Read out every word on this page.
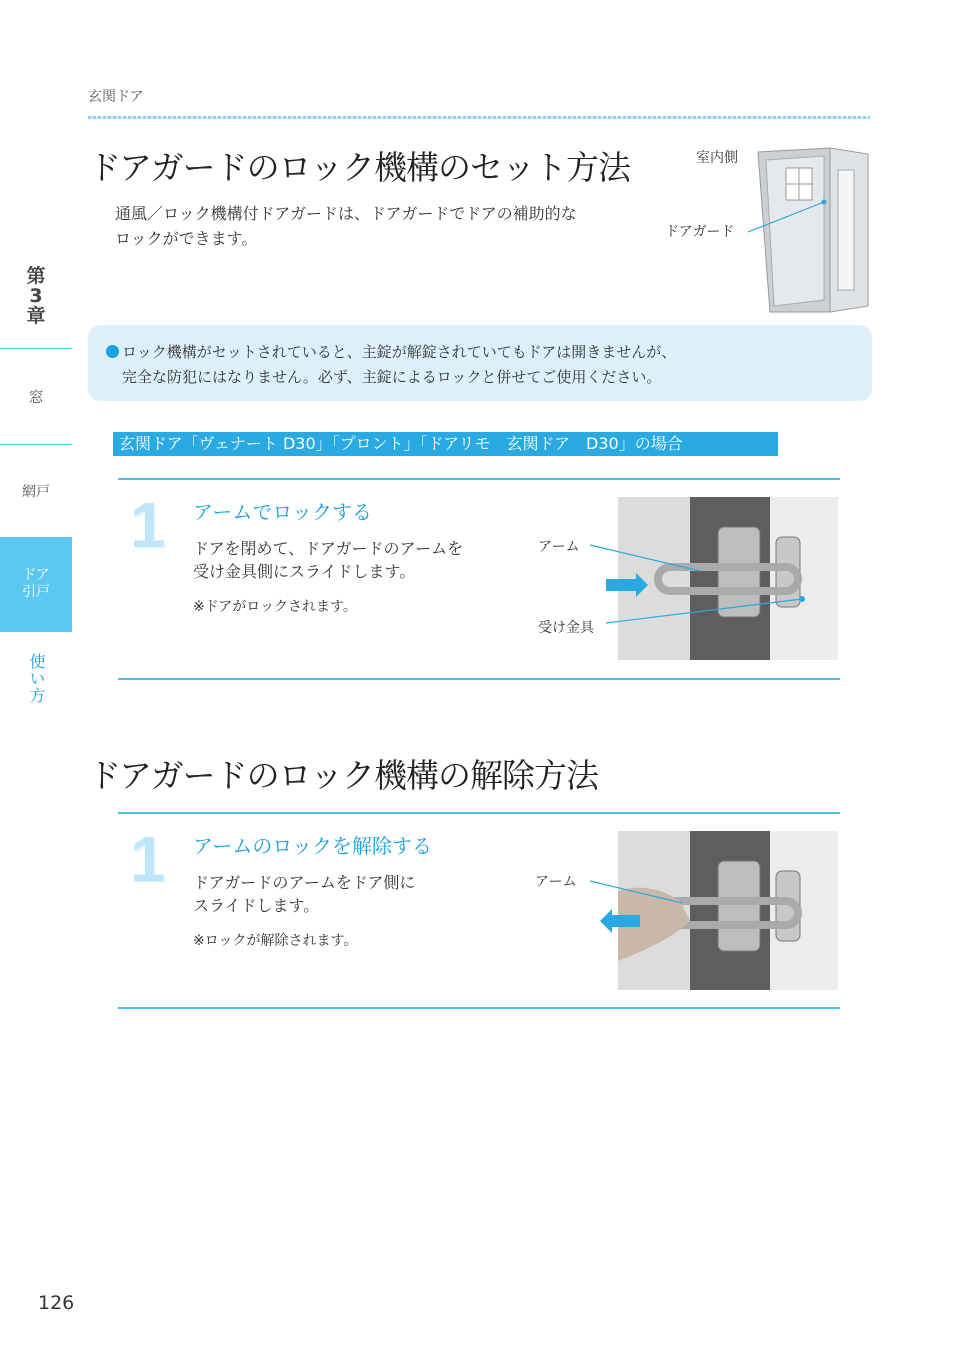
玄関ドア
第
3
章
窓
網戸
ドア
引戸
使い方
ドアガードのロック機構のセット方法
通風／ロック機構付ドアガードは、ドアガードでドアの補助的な
ロックができます。
室内側
ドアガード
ロック機構がセットされていると、主錠が解錠されていてもドアは開きませんが、
完全な防犯にはなりません。必ず、主錠によるロックと併せてご使用ください。
玄関ドア「ヴェナート D30」「プロント」「ドアリモ　玄関ドア　D30」の場合
1 アームでロックする
ドアを閉めて、ドアガードのアームを
受け金具側にスライドします。
※ドアがロックされます。
アーム
受け金具
ドアガードのロック機構の解除方法
1 アームのロックを解除する
ドアガードのアームをドア側に
スライドします。
※ロックが解除されます。
アーム
126
